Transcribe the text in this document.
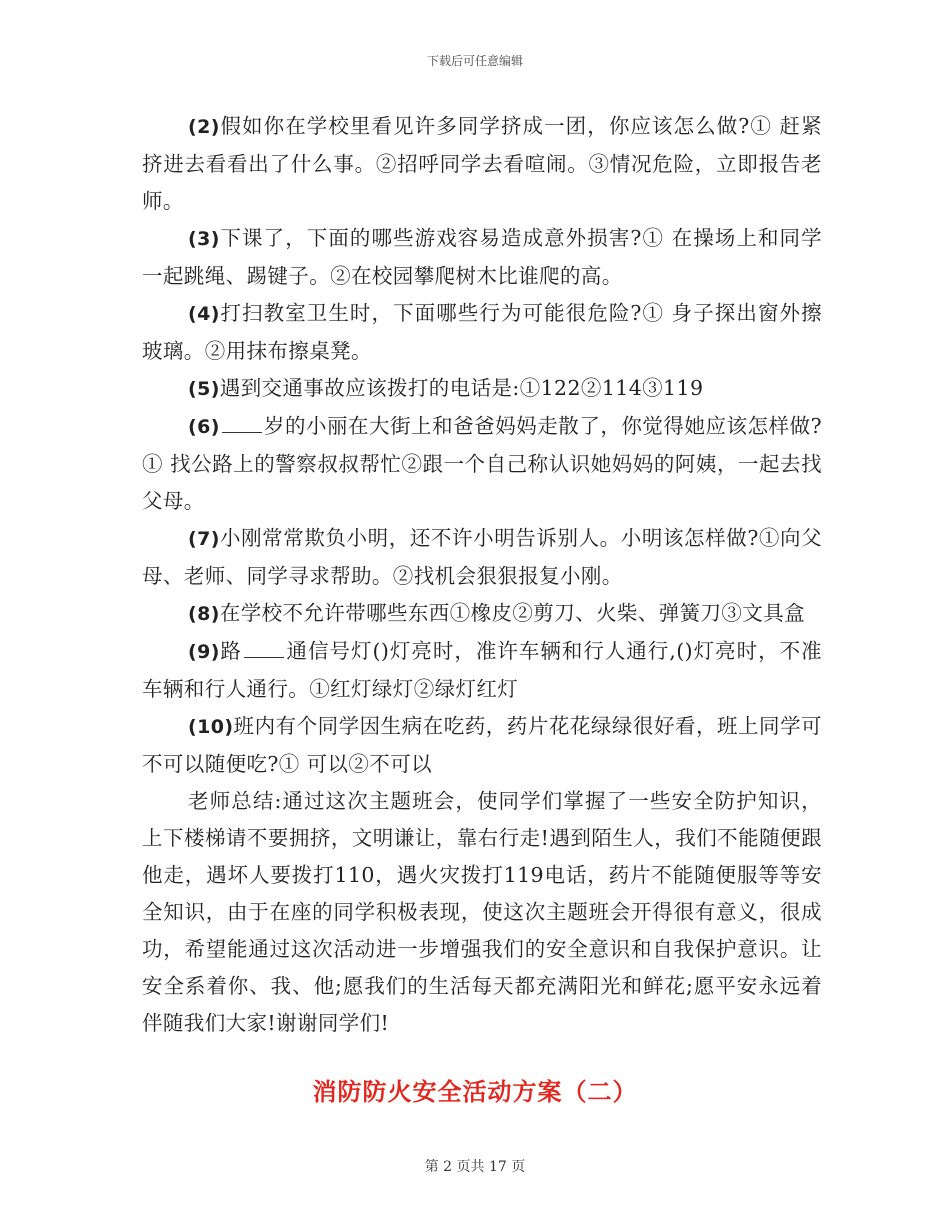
下载后可任意编辑

(2)假如你在学校里看见许多同学挤成一团，你应该怎么做?① 赶紧挤进去看看出了什么事。②招呼同学去看喧闹。③情况危险，立即报告老师。

(3)下课了，下面的哪些游戏容易造成意外损害?① 在操场上和同学一起跳绳、踢键子。②在校园攀爬树木比谁爬的高。

(4)打扫教室卫生时，下面哪些行为可能很危险?① 身子探出窗外擦玻璃。②用抹布擦桌凳。

(5)遇到交通事故应该拨打的电话是:①122②114③119

(6) 岁的小丽在大街上和爸爸妈妈走散了，你觉得她应该怎样做?① 找公路上的警察叔叔帮忙②跟一个自己称认识她妈妈的阿姨，一起去找父母。

(7)小刚常常欺负小明，还不许小明告诉别人。小明该怎样做?①向父母、老师、同学寻求帮助。②找机会狠狠报复小刚。

(8)在学校不允许带哪些东西①橡皮②剪刀、火柴、弹簧刀③文具盒

(9)路 通信号灯()灯亮时，准许车辆和行人通行,()灯亮时，不准车辆和行人通行。①红灯绿灯②绿灯红灯

(10)班内有个同学因生病在吃药，药片花花绿绿很好看，班上同学可不可以随便吃?① 可以②不可以

老师总结:通过这次主题班会，使同学们掌握了一些安全防护知识，上下楼梯请不要拥挤，文明谦让，靠右行走!遇到陌生人，我们不能随便跟他走，遇坏人要拨打110，遇火灾拨打119电话，药片不能随便服等等安全知识，由于在座的同学积极表现，使这次主题班会开得很有意义，很成功，希望能通过这次活动进一步增强我们的安全意识和自我保护意识。让安全系着你、我、他;愿我们的生活每天都充满阳光和鲜花;愿平安永远着伴随我们大家!谢谢同学们!

消防防火安全活动方案（二）
第 2 页共 17 页
